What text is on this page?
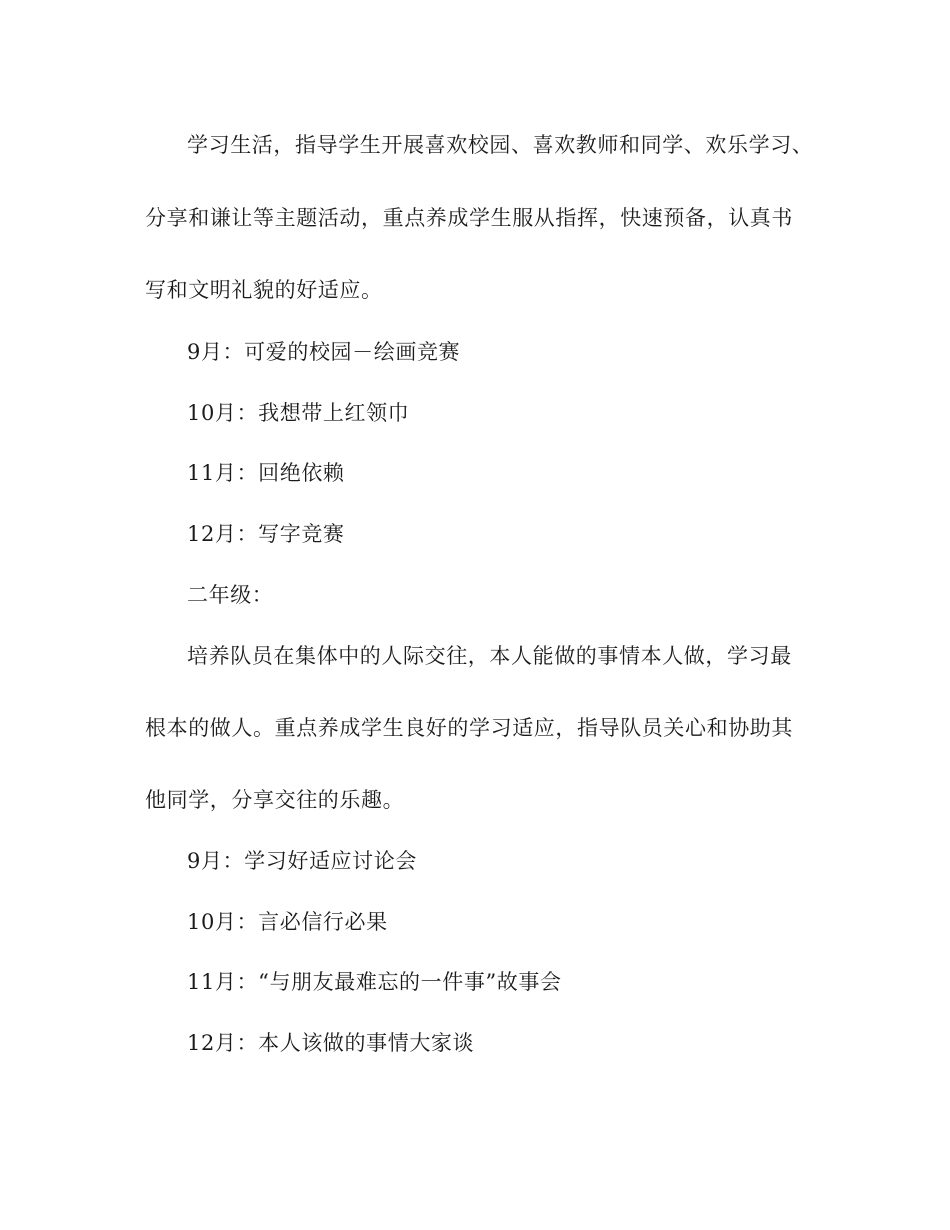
学习生活，指导学生开展喜欢校园、喜欢教师和同学、欢乐学习、
分享和谦让等主题活动，重点养成学生服从指挥，快速预备，认真书
写和文明礼貌的好适应。
9月：可爱的校园－绘画竞赛
10月：我想带上红领巾
11月：回绝依赖
12月：写字竞赛
二年级：
培养队员在集体中的人际交往，本人能做的事情本人做，学习最
根本的做人。重点养成学生良好的学习适应，指导队员关心和协助其
他同学，分享交往的乐趣。
9月：学习好适应讨论会
10月：言必信行必果
11月：“与朋友最难忘的一件事”故事会
12月：本人该做的事情大家谈
